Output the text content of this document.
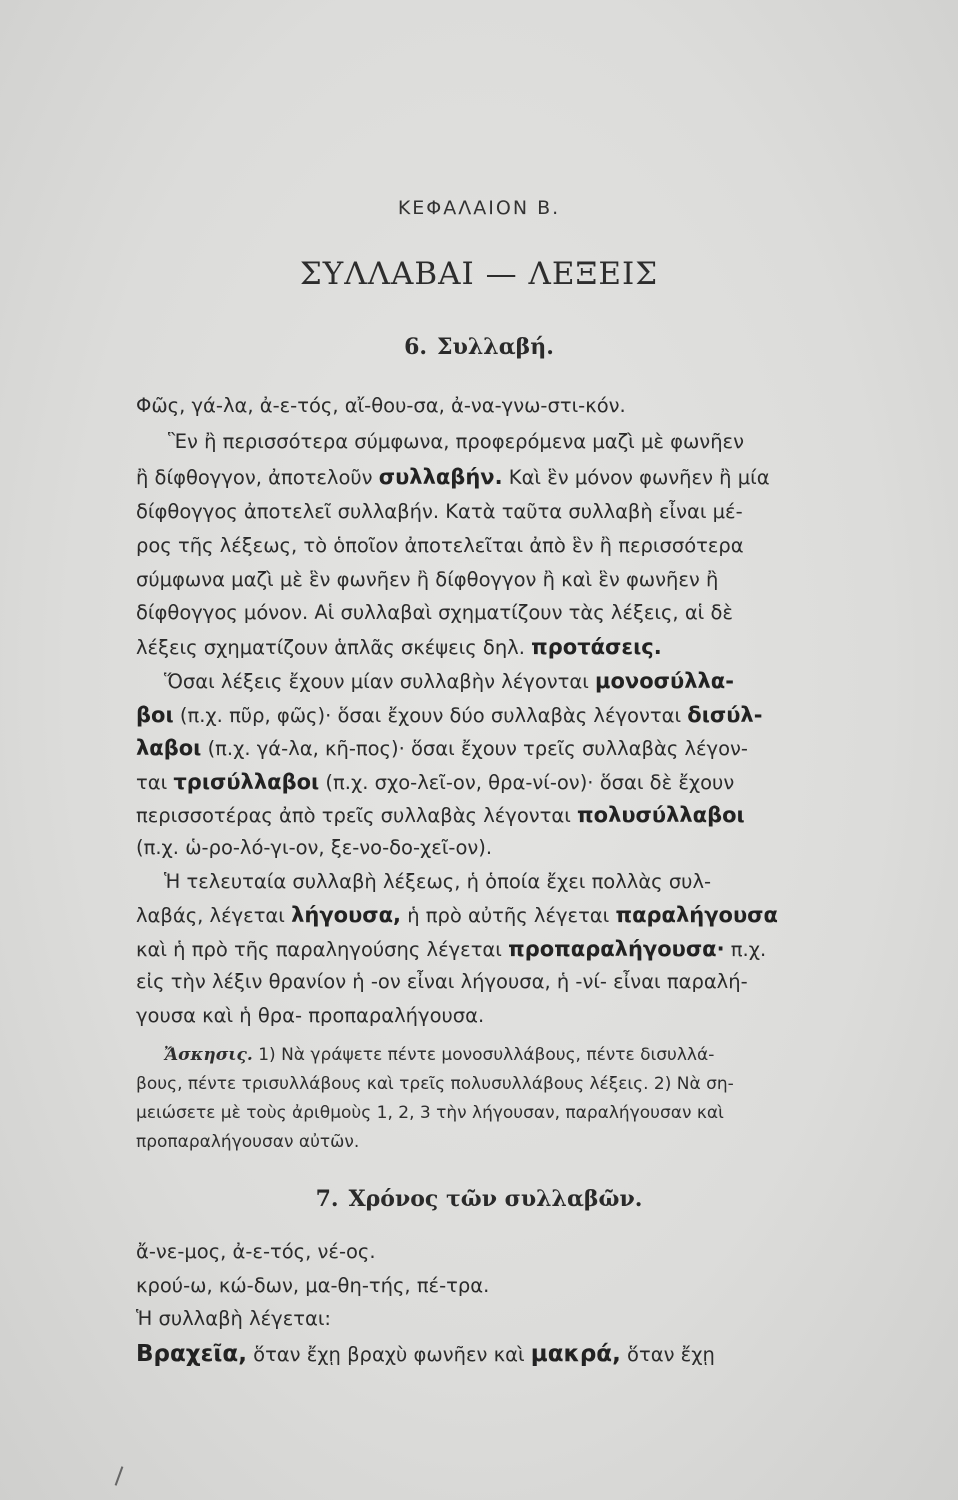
ΚΕΦΑΛΑΙΟΝ Β.
ΣΥΛΛΑΒΑΙ — ΛΕΞΕΙΣ
6. Συλλαβή.
Φῶς, γά-λα, ἀ-ε-τός, αἴ-θου-σα, ἀ-να-γνω-στι-κόν.
Ἓν ἢ περισσότερα σύμφωνα, προφερόμενα μαζὶ μὲ φωνῆεν
ἢ δίφθογγον, ἀποτελοῦν συλλαβήν. Καὶ ἓν μόνον φωνῆεν ἢ μία
δίφθογγος ἀποτελεῖ συλλαβήν. Κατὰ ταῦτα συλλαβὴ εἶναι μέ-
ρος τῆς λέξεως, τὸ ὁποῖον ἀποτελεῖται ἀπὸ ἓν ἢ περισσότερα
σύμφωνα μαζὶ μὲ ἓν φωνῆεν ἢ δίφθογγον ἢ καὶ ἓν φωνῆεν ἢ
δίφθογγος μόνον. Αἱ συλλαβαὶ σχηματίζουν τὰς λέξεις, αἱ δὲ
λέξεις σχηματίζουν ἁπλᾶς σκέψεις δηλ. προτάσεις.
Ὅσαι λέξεις ἔχουν μίαν συλλαβὴν λέγονται μονοσύλλα-
βοι (π.χ. πῦρ, φῶς)· ὅσαι ἔχουν δύο συλλαβὰς λέγονται δισύλ-
λαβοι (π.χ. γά-λα, κῆ-πος)· ὅσαι ἔχουν τρεῖς συλλαβὰς λέγον-
ται τρισύλλαβοι (π.χ. σχο-λεῖ-ον, θρα-νί-ον)· ὅσαι δὲ ἔχουν
περισσοτέρας ἀπὸ τρεῖς συλλαβὰς λέγονται πολυσύλλαβοι
(π.χ. ὡ-ρο-λό-γι-ον, ξε-νο-δο-χεῖ-ον).
Ἡ τελευταία συλλαβὴ λέξεως, ἡ ὁποία ἔχει πολλὰς συλ-
λαβάς, λέγεται λήγουσα, ἡ πρὸ αὐτῆς λέγεται παραλήγουσα
καὶ ἡ πρὸ τῆς παραληγούσης λέγεται προπαραλήγουσα· π.χ.
εἰς τὴν λέξιν θρανίον ἡ -ον εἶναι λήγουσα, ἡ -νί- εἶναι παραλή-
γουσα καὶ ἡ θρα- προπαραλήγουσα.
Ἄσκησις. 1) Νὰ γράψετε πέντε μονοσυλλάβους, πέντε δισυλλά-
βους, πέντε τρισυλλάβους καὶ τρεῖς πολυσυλλάβους λέξεις. 2) Νὰ ση-
μειώσετε μὲ τοὺς ἀριθμοὺς 1, 2, 3 τὴν λήγουσαν, παραλήγουσαν καὶ
προπαραλήγουσαν αὐτῶν.
7. Χρόνος τῶν συλλαβῶν.
ἄ-νε-μος, ἀ-ε-τός, νέ-ος.
κρού-ω, κώ-δων, μα-θη-τής, πέ-τρα.
Ἡ συλλαβὴ λέγεται:
Βραχεῖα, ὅταν ἔχῃ βραχὺ φωνῆεν καὶ μακρά, ὅταν ἔχῃ
